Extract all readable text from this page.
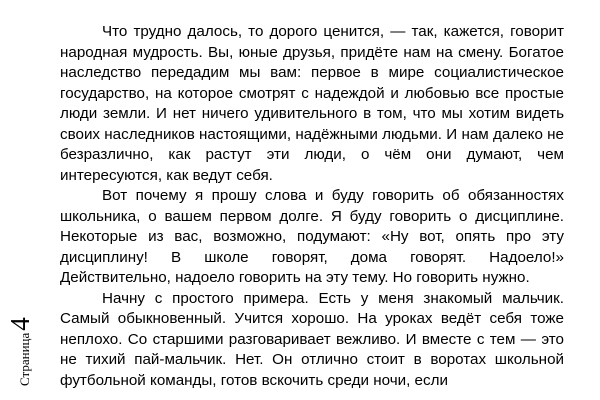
Страница4

Что трудно далось, то дорого ценится, — так, кажется, говорит народная мудрость. Вы, юные друзья, придёте нам на смену. Богатое наследство передадим мы вам: первое в мире социалистическое государство, на которое смотрят с надеждой и любовью все простые люди земли. И нет ничего удивительного в том, что мы хотим видеть своих наследников настоящими, надёжными людьми. И нам далеко не безразлично, как растут эти люди, о чём они думают, чем интересуются, как ведут себя.

Вот почему я прошу слова и буду говорить об обязанностях школьника, о вашем первом долге. Я буду говорить о дисциплине. Некоторые из вас, возможно, подумают: «Ну вот, опять про эту дисциплину! В школе говорят, дома говорят. Надоело!» Действительно, надоело говорить на эту тему. Но говорить нужно.

Начну с простого примера. Есть у меня знакомый мальчик. Самый обыкновенный. Учится хорошо. На уроках ведёт себя тоже неплохо. Со старшими разговаривает вежливо. И вместе с тем — это не тихий пай-мальчик. Нет. Он отлично стоит в воротах школьной футбольной команды, готов вскочить среди ночи, если
